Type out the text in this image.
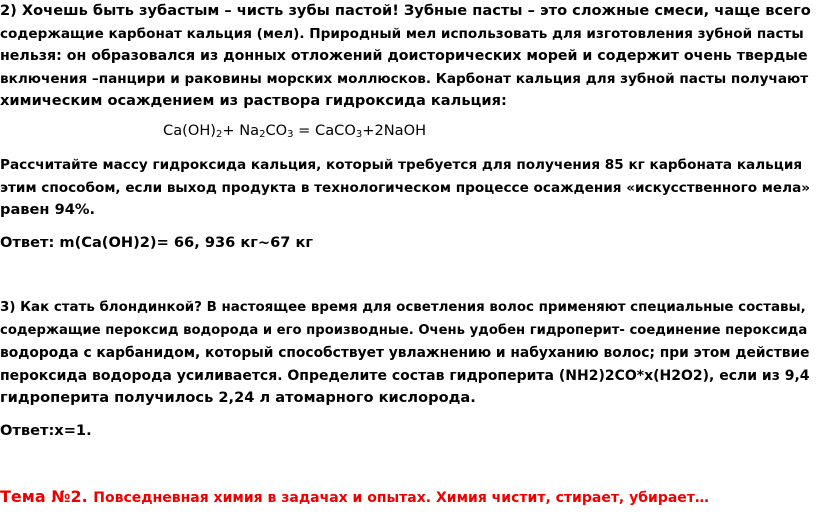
2) Хочешь быть зубастым – чисть зубы пастой! Зубные пасты – это сложные смеси, чаще всего
содержащие карбонат кальция (мел). Природный мел использовать для изготовления зубной пасты
нельзя: он образовался из донных отложений доисторических морей и содержит очень твердые
включения –панцири и раковины морских моллюсков. Карбонат кальция для зубной пасты получают
химическим осаждением из раствора гидроксида кальция:
$Ca(OH)_2+ Na_2CO_3$ = CaCO$_3$+2NaOH
Рассчитайте массу гидроксида кальция, который требуется для получения 85 кг карбоната кальция
этим способом, если выход продукта в технологическом процессе осаждения «искусственного мела»
равен 94%.
Ответ: m(Ca(OH)2)= 66, 936 кг~67 кг
3) Как стать блондинкой? В настоящее время для осветления волос применяют специальные составы,
содержащие пероксид водорода и его производные. Очень удобен гидроперит- соединение пероксида
водорода с карбанидом, который способствует увлажнению и набуханию волос; при этом действие
пероксида водорода усиливается. Определите состав гидроперита (NH2)2CO*x(H2O2), если из 9,4
гидроперита получилось 2,24 л атомарного кислорода.
Ответ:x=1.
Тема №2. Повседневная химия в задачах и опытах. Химия чистит, стирает, убирает…
